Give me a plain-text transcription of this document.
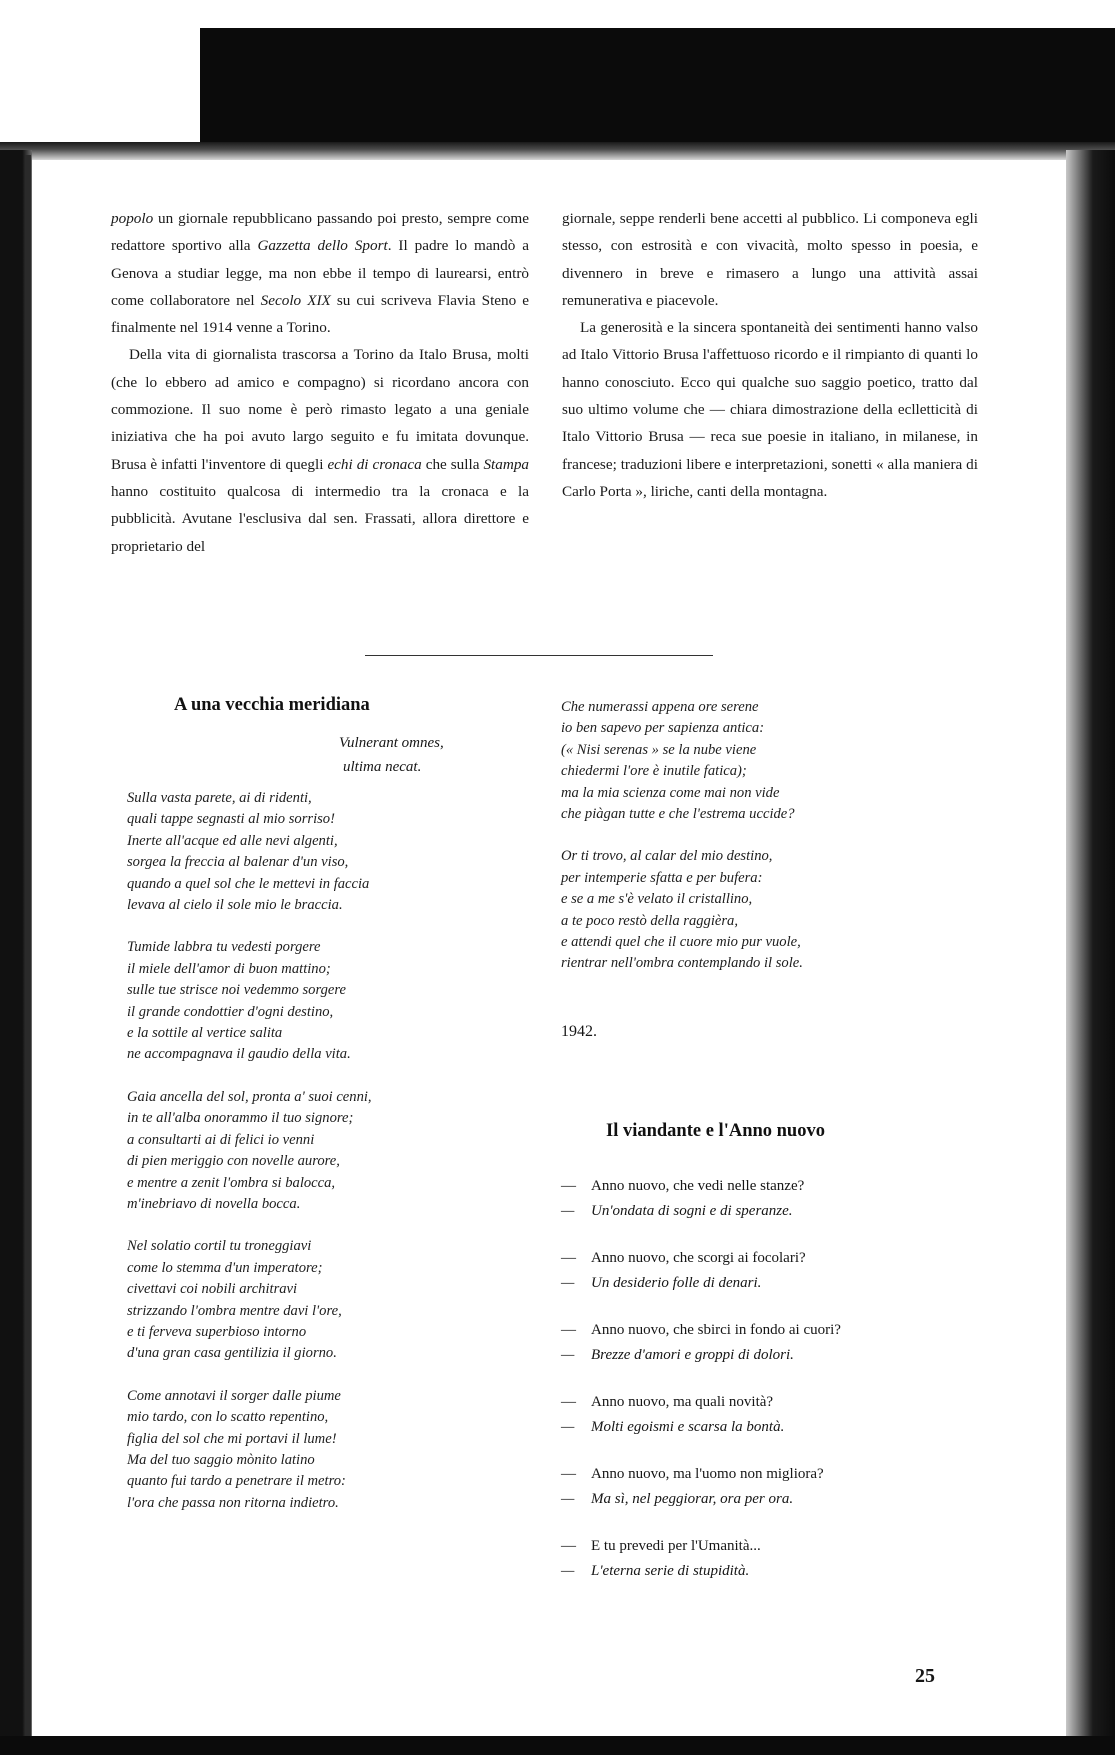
popolo un giornale repubblicano passando poi presto, sempre come redattore sportivo alla Gazzetta dello Sport. Il padre lo mandò a Genova a studiar legge, ma non ebbe il tempo di laurearsi, entrò come collaboratore nel Secolo XIX su cui scriveva Flavia Steno e finalmente nel 1914 venne a Torino.

Della vita di giornalista trascorsa a Torino da Italo Brusa, molti (che lo ebbero ad amico e compagno) si ricordano ancora con commozione. Il suo nome è però rimasto legato a una geniale iniziativa che ha poi avuto largo seguito e fu imitata dovunque. Brusa è infatti l'inventore di quegli echi di cronaca che sulla Stampa hanno costituito qualcosa di intermedio tra la cronaca e la pubblicità. Avutane l'esclusiva dal sen. Frassati, allora direttore e proprietario del

giornale, seppe renderli bene accetti al pubblico. Li componeva egli stesso, con estrosità e con vivacità, molto spesso in poesia, e divennero in breve e rimasero a lungo una attività assai remunerativa e piacevole.

La generosità e la sincera spontaneità dei sentimenti hanno valso ad Italo Vittorio Brusa l'affettuoso ricordo e il rimpianto di quanti lo hanno conosciuto. Ecco qui qualche suo saggio poetico, tratto dal suo ultimo volume che — chiara dimostrazione della eclletticità di Italo Vittorio Brusa — reca sue poesie in italiano, in milanese, in francese; traduzioni libere e interpretazioni, sonetti « alla maniera di Carlo Porta », liriche, canti della montagna.

A una vecchia meridiana
Vulnerant omnes,
ultima necat.
Sulla vasta parete, ai di ridenti,
quali tappe segnasti al mio sorriso!
Inerte all'acque ed alle nevi algenti,
sorgea la freccia al balenar d'un viso,
quando a quel sol che le mettevi in faccia
levava al cielo il sole mio le braccia.
Tumide labbra tu vedesti porgere
il miele dell'amor di buon mattino;
sulle tue strisce noi vedemmo sorgere
il grande condottier d'ogni destino,
e la sottile al vertice salita
ne accompagnava il gaudio della vita.
Gaia ancella del sol, pronta a' suoi cenni,
in te all'alba onorammo il tuo signore;
a consultarti ai di felici io venni
di pien meriggio con novelle aurore,
e mentre a zenit l'ombra si balocca,
m'inebriavo di novella bocca.
Nel solatio cortil tu troneggiavi
come lo stemma d'un imperatore;
civettavi coi nobili architravi
strizzando l'ombra mentre davi l'ore,
e ti fervevа superbioso intorno
d'una gran casa gentilizia il giorno.
Come annotavi il sorger dalle piume
mio tardo, con lo scatto repentino,
figlia del sol che mi portavi il lume!
Ma del tuo saggio mònito latino
quanto fui tardo a penetrare il metro:
l'ora che passa non ritorna indietro.
Che numerassi appena ore serene
io ben sapevo per sapienza antica:
(« Nisi serenas » se la nube viene
chiedermi l'ore è inutile fatica);
ma la mia scienza come mai non vide
che piàgan tutte e che l'estrema uccide?
Or ti trovo, al calar del mio destino,
per intemperie sfatta e per bufera:
e se a me s'è velato il cristallino,
a te poco restò della raggièra,
e attendi quel che il cuore mio pur vuole,
rientrar nell'ombra contemplando il sole.
1942.
Il viandante e l'Anno nuovo
— Anno nuovo, che vedi nelle stanze?
— Un'ondata di sogni e di speranze.
— Anno nuovo, che scorgi ai focolari?
— Un desiderio folle di denari.
— Anno nuovo, che sbirci in fondo ai cuori?
— Brezze d'amori e groppi di dolori.
— Anno nuovo, ma quali novità?
— Molti egoismi e scarsa la bontà.
— Anno nuovo, ma l'uomo non migliora?
— Ma sì, nel peggiorar, ora per ora.
— E tu prevedi per l'Umanità...
— L'eterna serie di stupidità.
25
